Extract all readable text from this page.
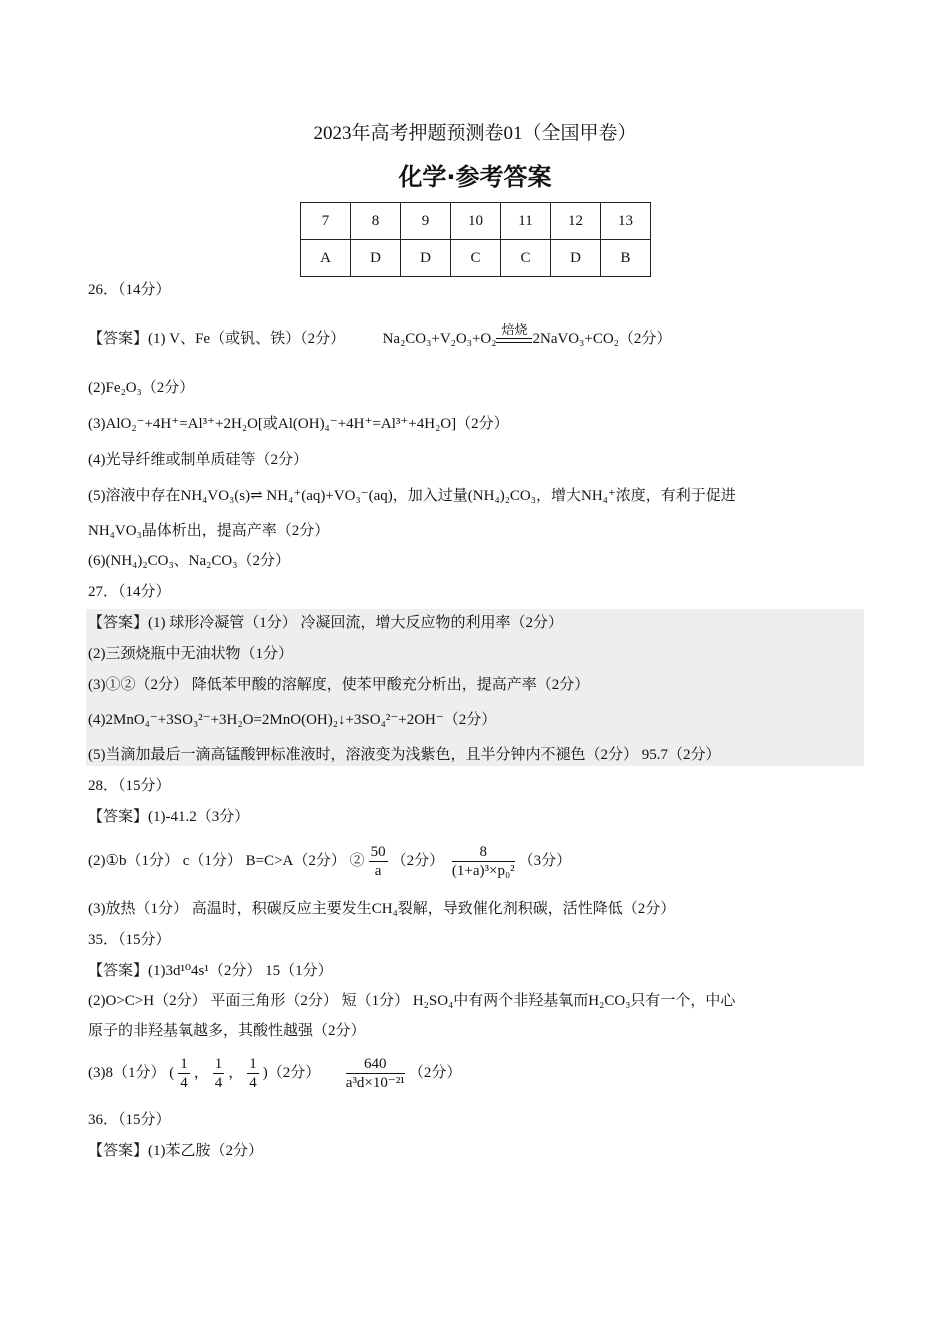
2023年高考押题预测卷01（全国甲卷）
化学·参考答案
7	8	9	10	11	12	13
A	D	D	C	C	D	B
26．（14分）
【答案】(1) V、Fe（或钒、铁）（2分）	Na₂CO₃+V₂O₃+O₂
焙烧
2NaVO₃+CO₂（2分）
(2)Fe₂O₃（2分）
(3)AlO₂⁻+4H⁺=Al³⁺+2H₂O[或Al(OH)₄⁻+4H⁺=Al³⁺+4H₂O]（2分）
(4)光导纤维或制单质硅等（2分）
(5)溶液中存在NH₄VO₃(s)⇌ NH₄⁺(aq)+VO₃⁻(aq)，加入过量(NH₄)₂CO₃，增大NH₄⁺浓度，有利于促进
NH₄VO₃晶体析出，提高产率（2分）
(6)(NH₄)₂CO₃、Na₂CO₃（2分）
27．（14分）
【答案】(1) 球形冷凝管（1分） 冷凝回流，增大反应物的利用率（2分）
(2)三颈烧瓶中无油状物（1分）
(3)①②（2分） 降低苯甲酸的溶解度，使苯甲酸充分析出，提高产率（2分）
(4)2MnO₄⁻+3SO₃²⁻+3H₂O=2MnO(OH)₂↓+3SO₄²⁻+2OH⁻（2分）
(5)当滴加最后一滴高锰酸钾标准液时，溶液变为浅紫色，且半分钟内不褪色（2分） 95.7（2分）
28．（15分）
【答案】(1)-41.2（3分）
(2)①b（1分） c（1分） B=C>A（2分） ② $\frac{50}{a} (2$分） $\frac{8}{\text{(1+a)³×p₀²}} (3$分）
(3)放热（1分） 高温时，积碳反应主要发生CH₄裂解，导致催化剂积碳，活性降低（2分）
35．（15分）
【答案】(1)3d¹⁰4s¹（2分） 15（1分）
(2)O>C>H（2分） 平面三角形（2分） 短（1分） H₂SO₄中有两个非羟基氧而H₂CO₃只有一个，中心
原子的非羟基氧越多，其酸性越强（2分）
(3)8（1分） ( $\frac{1}{4}$ ， $\frac{1}{4}$ ， $\frac{1}{4} )(2$分） $\frac{640}{\text{a³d×10⁻²¹}} (2$分）
36．（15分）
【答案】(1)苯乙胺（2分）
